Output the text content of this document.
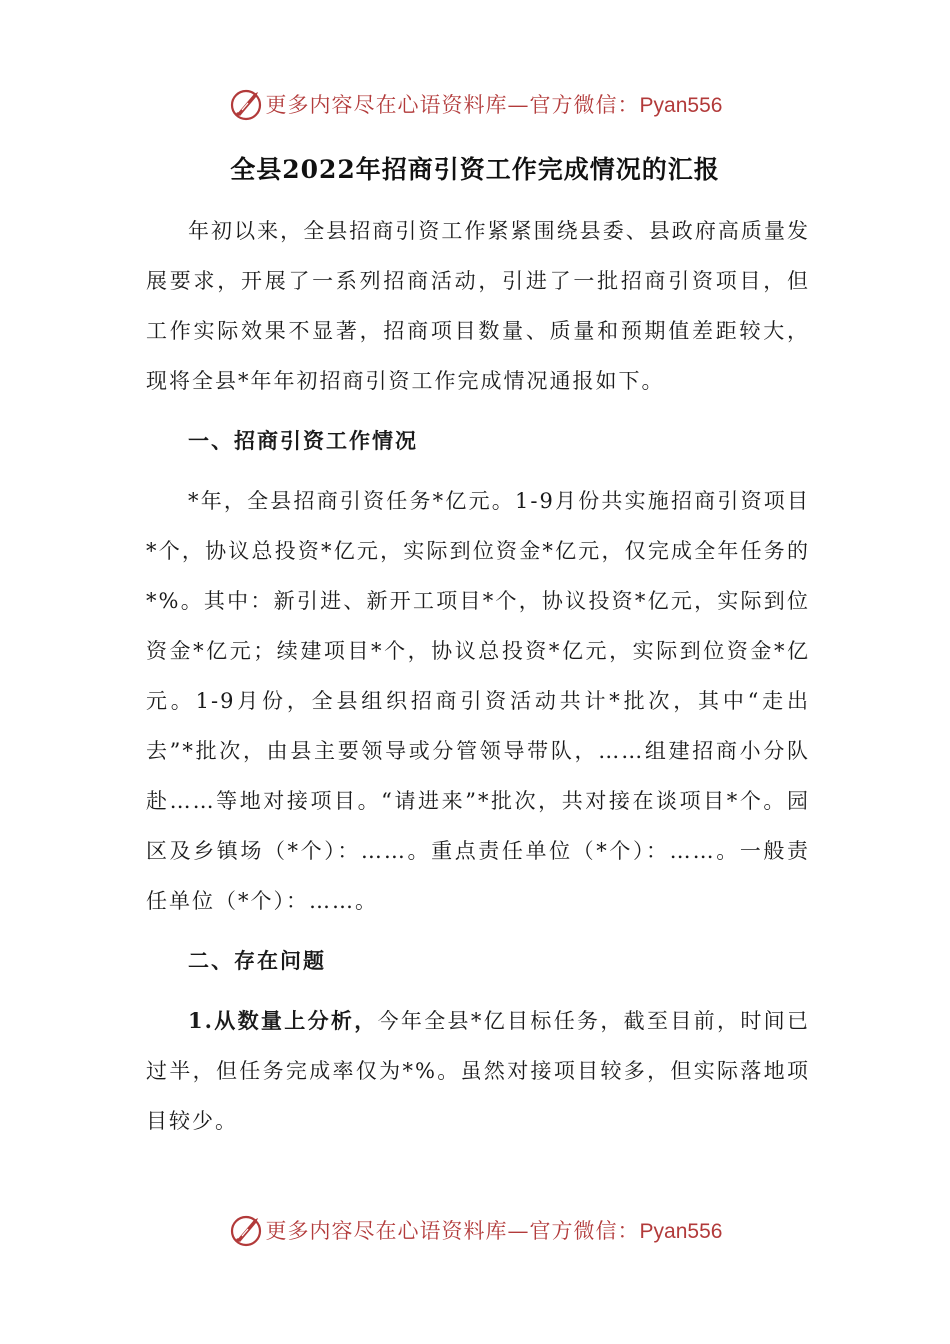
更多内容尽在心语资料库—官方微信：Pyan556
全县2022年招商引资工作完成情况的汇报

年初以来，全县招商引资工作紧紧围绕县委、县政府高质量发展要求，开展了一系列招商活动，引进了一批招商引资项目，但工作实际效果不显著，招商项目数量、质量和预期值差距较大，现将全县*年年初招商引资工作完成情况通报如下。

一、招商引资工作情况

*年，全县招商引资任务*亿元。1-9月份共实施招商引资项目*个，协议总投资*亿元，实际到位资金*亿元，仅完成全年任务的*%。其中：新引进、新开工项目*个，协议投资*亿元，实际到位资金*亿元；续建项目*个，协议总投资*亿元，实际到位资金*亿元。1-9月份，全县组织招商引资活动共计*批次，其中“走出去”*批次，由县主要领导或分管领导带队，……组建招商小分队赴……等地对接项目。“请进来”*批次，共对接在谈项目*个。园区及乡镇场（*个）：……。重点责任单位（*个）：……。一般责任单位（*个）：……。

二、存在问题

1.从数量上分析，今年全县*亿目标任务，截至目前，时间已过半，但任务完成率仅为*%。虽然对接项目较多，但实际落地项目较少。

更多内容尽在心语资料库—官方微信：Pyan556
